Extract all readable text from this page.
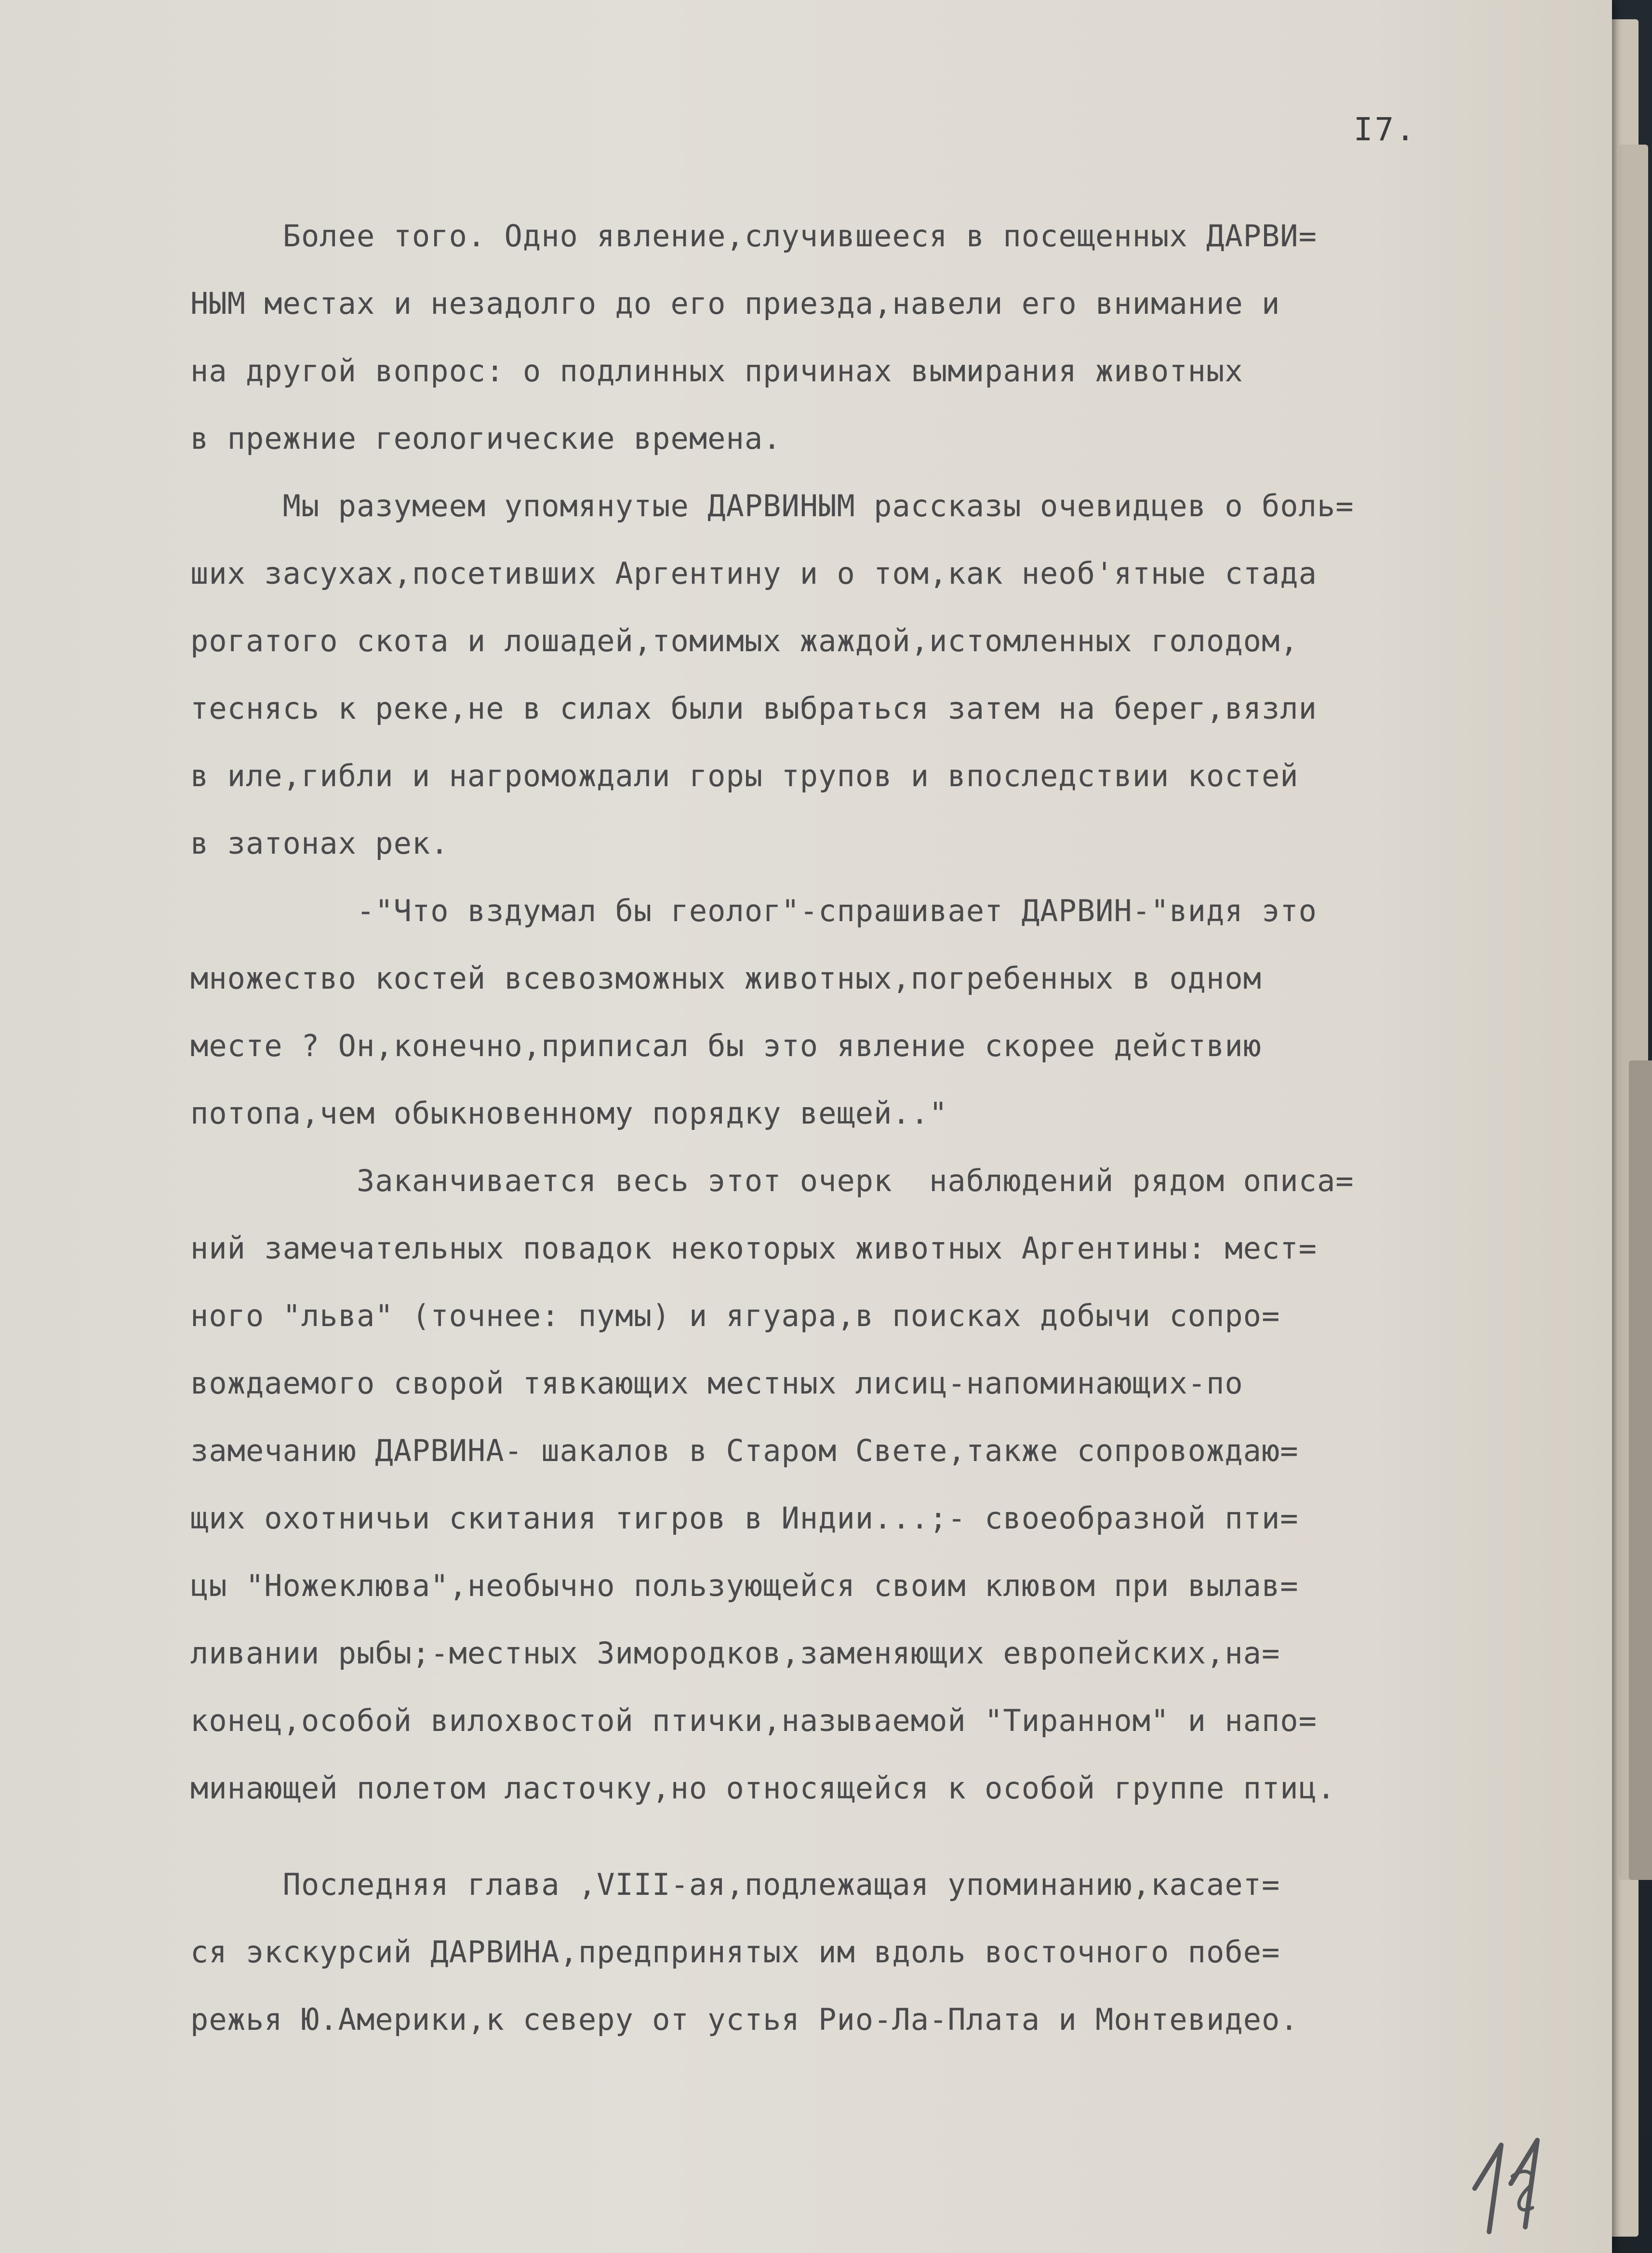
I7.
Более того. Одно явление,случившееся в посещенных ДАРВИ=
НЫМ местах и незадолго до его приезда,навели его внимание и
на другой вопрос: о подлинных причинах вымирания животных
в прежние геологические времена.
Мы разумеем упомянутые ДАРВИНЫМ рассказы очевидцев о боль=
ших засухах,посетивших Аргентину и о том,как необ'ятные стада
рогатого скота и лошадей,томимых жаждой,истомленных голодом,
теснясь к реке,не в силах были выбраться затем на берег,вязли
в иле,гибли и нагромождали горы трупов и впоследствии костей
в затонах рек.
-"Что вздумал бы геолог"-спрашивает ДАРВИН-"видя это
множество костей всевозможных животных,погребенных в одном
месте ? Он,конечно,приписал бы это явление скорее действию
потопа,чем обыкновенному порядку вещей.."
Заканчивается весь этот очерк  наблюдений рядом описа=
ний замечательных повадок некоторых животных Аргентины: мест=
ного "льва" (точнее: пумы) и ягуара,в поисках добычи сопро=
вождаемого сворой тявкающих местных лисиц-напоминающих-по
замечанию ДАРВИНА- шакалов в Старом Свете,также сопровождаю=
щих охотничьи скитания тигров в Индии...;- своеобразной пти=
цы "Ножеклюва",необычно пользующейся своим клювом при вылав=
ливании рыбы;-местных Зимородков,заменяющих европейских,на=
конец,особой вилохвостой птички,называемой "Тиранном" и напо=
минающей полетом ласточку,но относящейся к особой группе птиц.
Последняя глава ,VIII-ая,подлежащая упоминанию,касает=
ся экскурсий ДАРВИНА,предпринятых им вдоль восточного побе=
режья Ю.Америки,к северу от устья Рио-Ла-Плата и Монтевидео.
